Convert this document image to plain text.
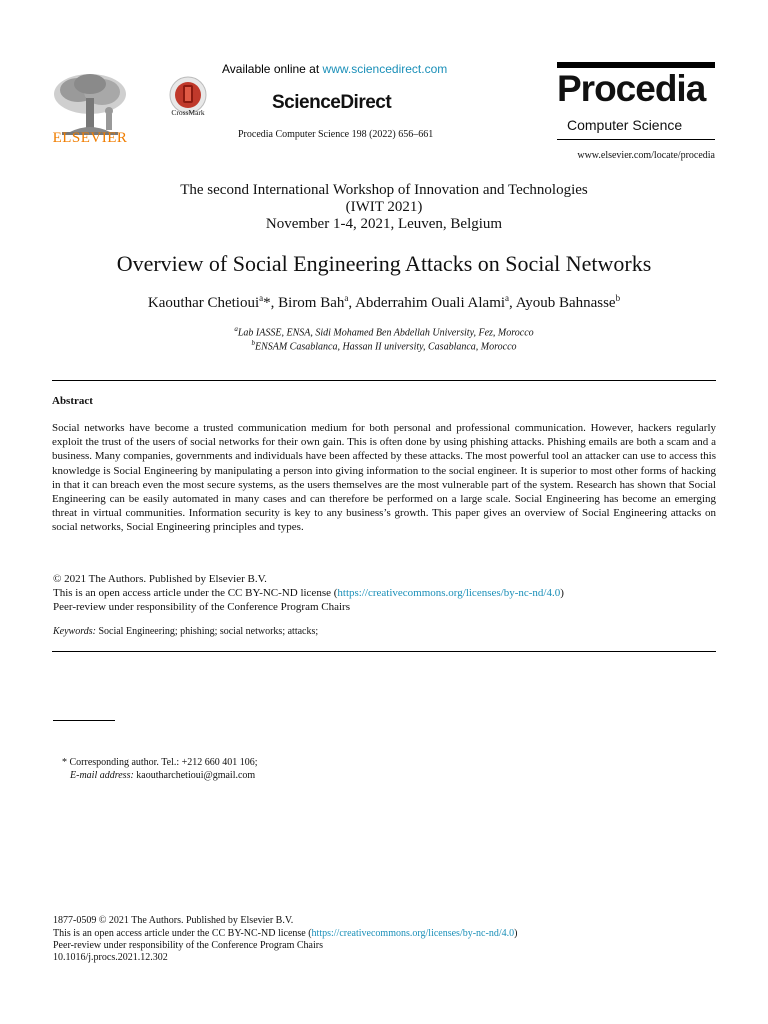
ELSEVIER
CrossMark
Available online at www.sciencedirect.com
ScienceDirect
Procedia Computer Science 198 (2022) 656–661
Procedia
Computer Science
www.elsevier.com/locate/procedia
The second International Workshop of Innovation and Technologies
(IWIT 2021)
November 1-4, 2021, Leuven, Belgium
Overview of Social Engineering Attacks on Social Networks
Kaouthar Chetioui$^a$*, Birom Bah$^a$, Abderrahim Ouali Alami$^a$, Ayoub Bahnasse$^b$
$^a$Lab IASSE, ENSA, Sidi Mohamed Ben Abdellah University, Fez, Morocco
$^b$ENSAM Casablanca, Hassan II university, Casablanca, Morocco
Abstract
Social networks have become a trusted communication medium for both personal and professional communication. However, hackers regularly exploit the trust of the users of social networks for their own gain. This is often done by using phishing attacks. Phishing emails are both a scam and a business. Many companies, governments and individuals have been affected by these attacks. The most powerful tool an attacker can use to access this knowledge is Social Engineering by manipulating a person into giving information to the social engineer. It is superior to most other forms of hacking in that it can breach even the most secure systems, as the users themselves are the most vulnerable part of the system. Research has shown that Social Engineering can be easily automated in many cases and can therefore be performed on a large scale. Social Engineering has become an emerging threat in virtual communities. Information security is key to any business’s growth. This paper gives an overview of Social Engineering attacks on social networks, Social Engineering principles and types.
© 2021 The Authors. Published by Elsevier B.V.
This is an open access article under the CC BY-NC-ND license (https://creativecommons.org/licenses/by-nc-nd/4.0)
Peer-review under responsibility of the Conference Program Chairs
Keywords: Social Engineering; phishing; social networks; attacks;
* Corresponding author. Tel.: +212 660 401 106;
E-mail address: kaoutharchetioui@gmail.com
1877-0509 © 2021 The Authors. Published by Elsevier B.V.
This is an open access article under the CC BY-NC-ND license (https://creativecommons.org/licenses/by-nc-nd/4.0)
Peer-review under responsibility of the Conference Program Chairs
10.1016/j.procs.2021.12.302
